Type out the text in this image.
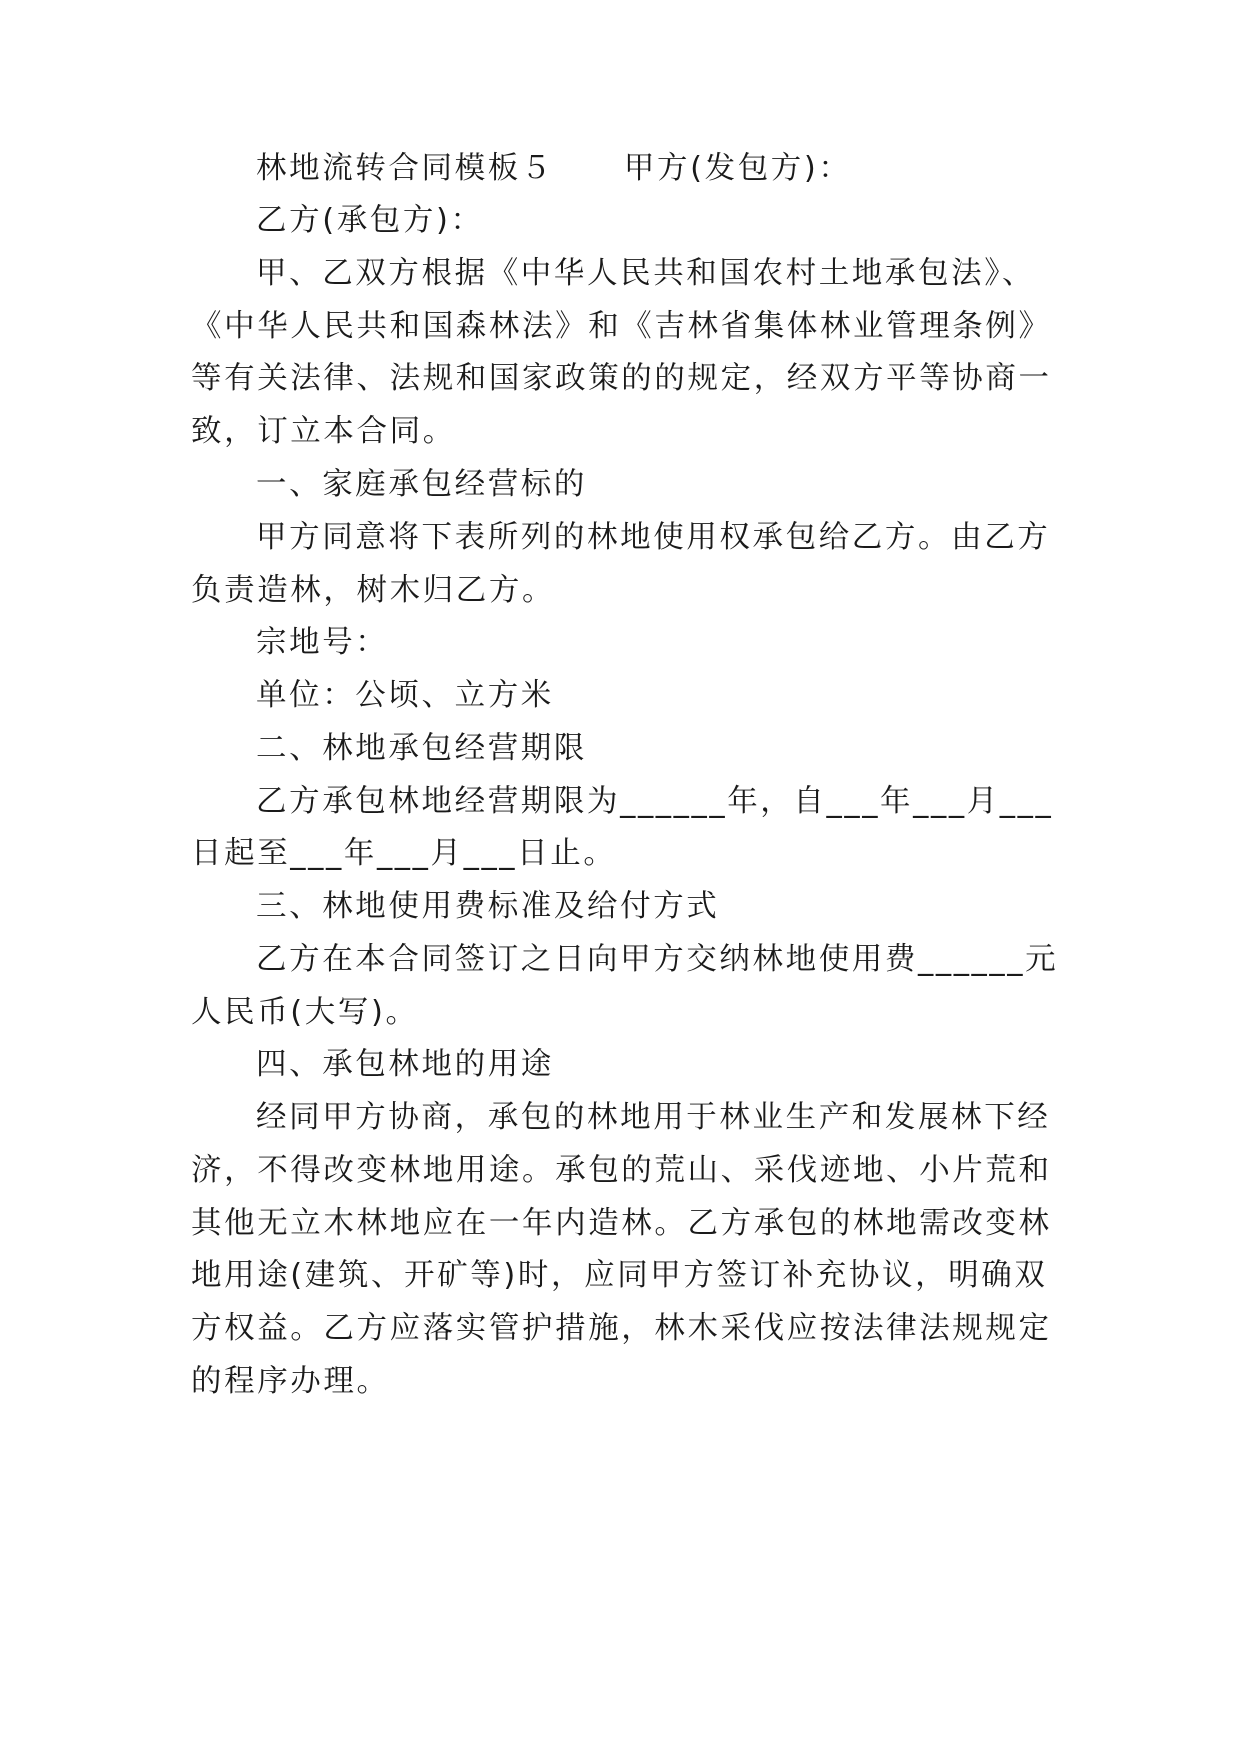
林地流转合同模板５ 甲方(发包方)：
乙方(承包方)：
甲、乙双方根据《中华人民共和国农村土地承包法》、
《中华人民共和国森林法》和《吉林省集体林业管理条例》
等有关法律、法规和国家政策的的规定，经双方平等协商一
致，订立本合同。
一、家庭承包经营标的
甲方同意将下表所列的林地使用权承包给乙方。由乙方
负责造林，树木归乙方。
宗地号：
单位：公顷、立方米
二、林地承包经营期限
乙方承包林地经营期限为______年，自___年___月___
日起至___年___月___日止。
三、林地使用费标准及给付方式
乙方在本合同签订之日向甲方交纳林地使用费______元
人民币(大写)。
四、承包林地的用途
经同甲方协商，承包的林地用于林业生产和发展林下经
济，不得改变林地用途。承包的荒山、采伐迹地、小片荒和
其他无立木林地应在一年内造林。乙方承包的林地需改变林
地用途(建筑、开矿等)时，应同甲方签订补充协议，明确双
方权益。乙方应落实管护措施，林木采伐应按法律法规规定
的程序办理。
